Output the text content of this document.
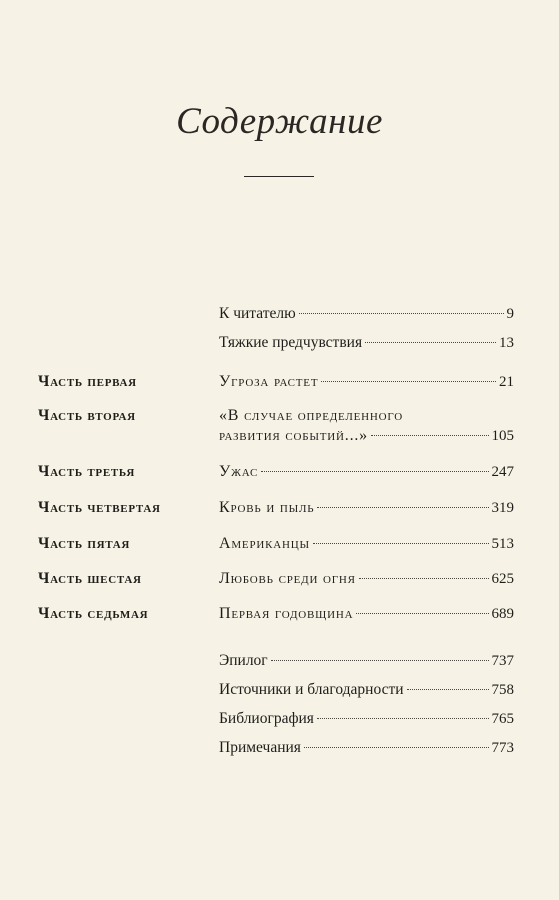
Содержание
К читателю	9
Тяжкие предчувствия	13
Часть первая	Угроза растет	21
Часть вторая	«В случае определенного
развития событий...»	105
Часть третья	Ужас	247
Часть четвертая	Кровь и пыль	319
Часть пятая	Американцы	513
Часть шестая	Любовь среди огня	625
Часть седьмая	Первая годовщина	689
Эпилог	737
Источники и благодарности	758
Библиография	765
Примечания	773
